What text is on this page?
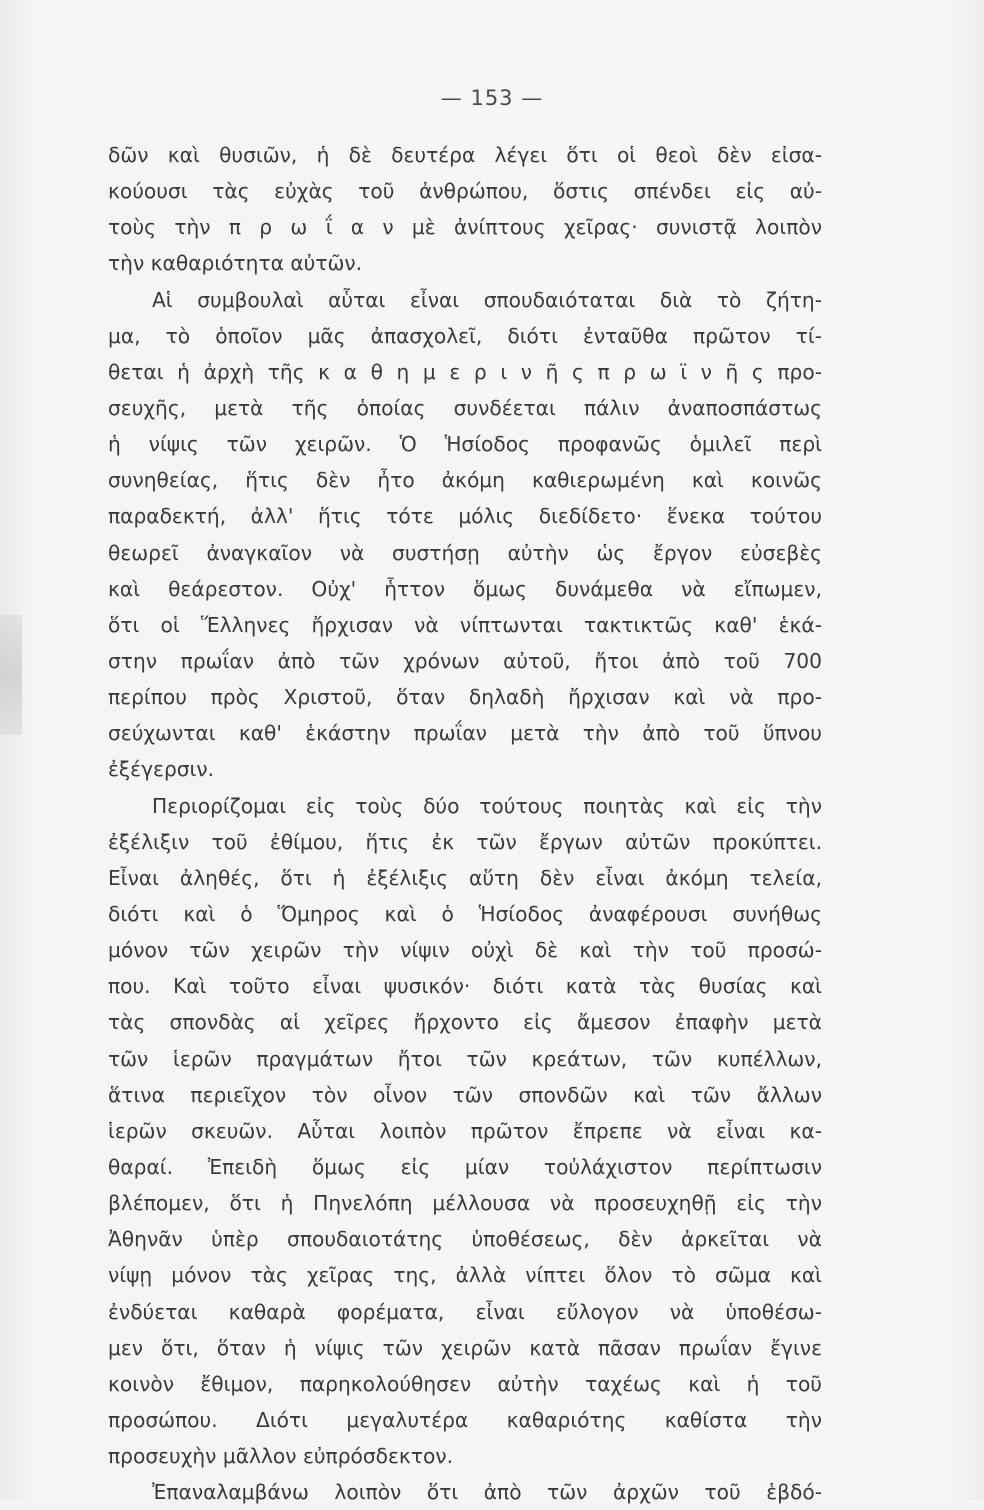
— 153 —
δῶν καὶ θυσιῶν, ἡ δὲ δευτέρα λέγει ὅτι οἱ θεοὶ δὲν εἰσα-
κούουσι τὰς εὐχὰς τοῦ ἀνθρώπου, ὅστις σπένδει εἰς αὐ-
τοὺς τὴν π ρ ω ΐ α ν μὲ ἀνίπτους χεῖρας· συνιστᾷ λοιπὸν
τὴν καθαριότητα αὐτῶν.
Αἱ συμβουλαὶ αὗται εἶναι σπουδαιόταται διὰ τὸ ζήτη-
μα, τὸ ὁποῖον μᾶς ἀπασχολεῖ, διότι ἐνταῦθα πρῶτον τί-
θεται ἡ ἀρχὴ τῆς κ α θ η μ ε ρ ι ν ῆ ς π ρ ω ϊ ν ῆ ς προ-
σευχῆς, μετὰ τῆς ὁποίας συνδέεται πάλιν ἀναποσπάστως
ἡ νίψις τῶν χειρῶν. Ὁ Ἡσίοδος προφανῶς ὁμιλεῖ περὶ
συνηθείας, ἥτις δὲν ἦτο ἀκόμη καθιερωμένη καὶ κοινῶς
παραδεκτή, ἀλλ' ἥτις τότε μόλις διεδίδετο· ἕνεκα τούτου
θεωρεῖ ἀναγκαῖον νὰ συστήσῃ αὐτὴν ὡς ἔργον εὐσεβὲς
καὶ θεάρεστον. Οὐχ' ἧττον ὅμως δυνάμεθα νὰ εἴπωμεν,
ὅτι οἱ Ἕλληνες ἤρχισαν νὰ νίπτωνται τακτικτῶς καθ' ἑκά-
στην πρωΐαν ἀπὸ τῶν χρόνων αὐτοῦ, ἤτοι ἀπὸ τοῦ 700
περίπου πρὸς Χριστοῦ, ὅταν δηλαδὴ ἤρχισαν καὶ νὰ προ-
σεύχωνται καθ' ἑκάστην πρωΐαν μετὰ τὴν ἀπὸ τοῦ ὕπνου
ἐξέγερσιν.
Περιορίζομαι εἰς τοὺς δύο τούτους ποιητὰς καὶ εἰς τὴν
ἐξέλιξιν τοῦ ἐθίμου, ἥτις ἐκ τῶν ἔργων αὐτῶν προκύπτει.
Εἶναι ἀληθές, ὅτι ἡ ἐξέλιξις αὕτη δὲν εἶναι ἀκόμη τελεία,
διότι καὶ ὁ Ὅμηρος καὶ ὁ Ἡσίοδος ἀναφέρουσι συνήθως
μόνον τῶν χειρῶν τὴν νίψιν οὐχὶ δὲ καὶ τὴν τοῦ προσώ-
που. Καὶ τοῦτο εἶναι ψυσικόν· διότι κατὰ τὰς θυσίας καὶ
τὰς σπονδὰς αἱ χεῖρες ἤρχοντο εἰς ἄμεσον ἐπαφὴν μετὰ
τῶν ἱερῶν πραγμάτων ἤτοι τῶν κρεάτων, τῶν κυπέλλων,
ἅτινα περιεῖχον τὸν οἶνον τῶν σπονδῶν καὶ τῶν ἄλλων
ἱερῶν σκευῶν. Αὗται λοιπὸν πρῶτον ἔπρεπε νὰ εἶναι κα-
θαραί. Ἐπειδὴ ὅμως εἰς μίαν τοὐλάχιστον περίπτωσιν
βλέπομεν, ὅτι ἡ Πηνελόπη μέλλουσα νὰ προσευχηθῇ εἰς τὴν
Ἀθηνᾶν ὑπὲρ σπουδαιοτάτης ὑποθέσεως, δὲν ἀρκεῖται νὰ
νίψῃ μόνον τὰς χεῖρας της, ἀλλὰ νίπτει ὅλον τὸ σῶμα καὶ
ἐνδύεται καθαρὰ φορέματα, εἶναι εὔλογον νὰ ὑποθέσω-
μεν ὅτι, ὅταν ἡ νίψις τῶν χειρῶν κατὰ πᾶσαν πρωΐαν ἔγινε
κοινὸν ἔθιμον, παρηκολούθησεν αὐτὴν ταχέως καὶ ἡ τοῦ
προσώπου. Διότι μεγαλυτέρα καθαριότης καθίστα τὴν
προσευχὴν μᾶλλον εὐπρόσδεκτον.
Ἐπαναλαμβάνω λοιπὸν ὅτι ἀπὸ τῶν ἀρχῶν τοῦ ἑβδό-
